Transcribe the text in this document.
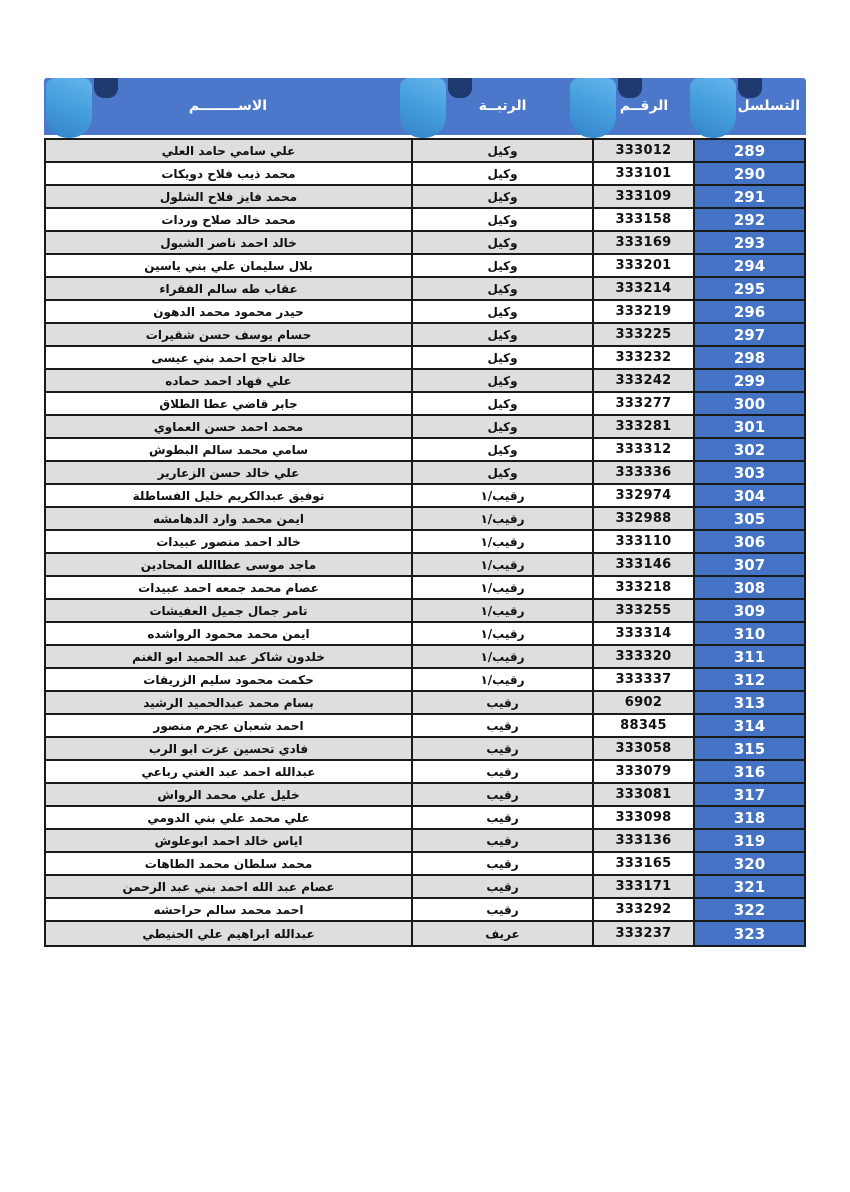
الاســــــــم	الرتبــة	الرقــم	التسلسل
علي سامي حامد العلي	وكيل	333012	289
محمد ذيب فلاح دويكات	وكيل	333101	290
محمد فايز فلاح الشلول	وكيل	333109	291
محمد خالد صلاح وردات	وكيل	333158	292
خالد احمد ناصر الشبول	وكيل	333169	293
بلال سليمان علي بني ياسين	وكيل	333201	294
عقاب طه سالم الفقراء	وكيل	333214	295
حيدر محمود محمد الدهون	وكيل	333219	296
حسام يوسف حسن شقيرات	وكيل	333225	297
خالد ناجح احمد بني عيسى	وكيل	333232	298
علي فهاد احمد حماده	وكيل	333242	299
جابر قاضي عطا الطلاق	وكيل	333277	300
محمد احمد حسن العماوي	وكيل	333281	301
سامي محمد سالم البطوش	وكيل	333312	302
علي خالد حسن الزعارير	وكيل	333336	303
توفيق عبدالكريم خليل الفساطلة	رقيب/١	332974	304
ايمن محمد وارد الدهامشه	رقيب/١	332988	305
خالد احمد منصور عبيدات	رقيب/١	333110	306
ماجد موسى عطاالله المحادين	رقيب/١	333146	307
عصام محمد جمعه احمد عبيدات	رقيب/١	333218	308
تامر جمال جميل العفيشات	رقيب/١	333255	309
ايمن محمد محمود الرواشده	رقيب/١	333314	310
خلدون شاكر عبد الحميد ابو الغنم	رقيب/١	333320	311
حكمت محمود سليم الزريقات	رقيب/١	333337	312
بسام محمد عبدالحميد الرشيد	رقيب	6902	313
احمد شعبان عجرم منصور	رقيب	88345	314
فادي تحسين عزت ابو الرب	رقيب	333058	315
عبدالله احمد عبد الغني رباعي	رقيب	333079	316
خليل علي محمد الرواش	رقيب	333081	317
علي محمد علي بني الدومي	رقيب	333098	318
اياس خالد احمد ابوعلوش	رقيب	333136	319
محمد سلطان محمد الطاهات	رقيب	333165	320
عصام عبد الله احمد بني عبد الرحمن	رقيب	333171	321
احمد محمد سالم حراحشه	رقيب	333292	322
عبدالله ابراهيم علي الحنيطي	عريف	333237	323
